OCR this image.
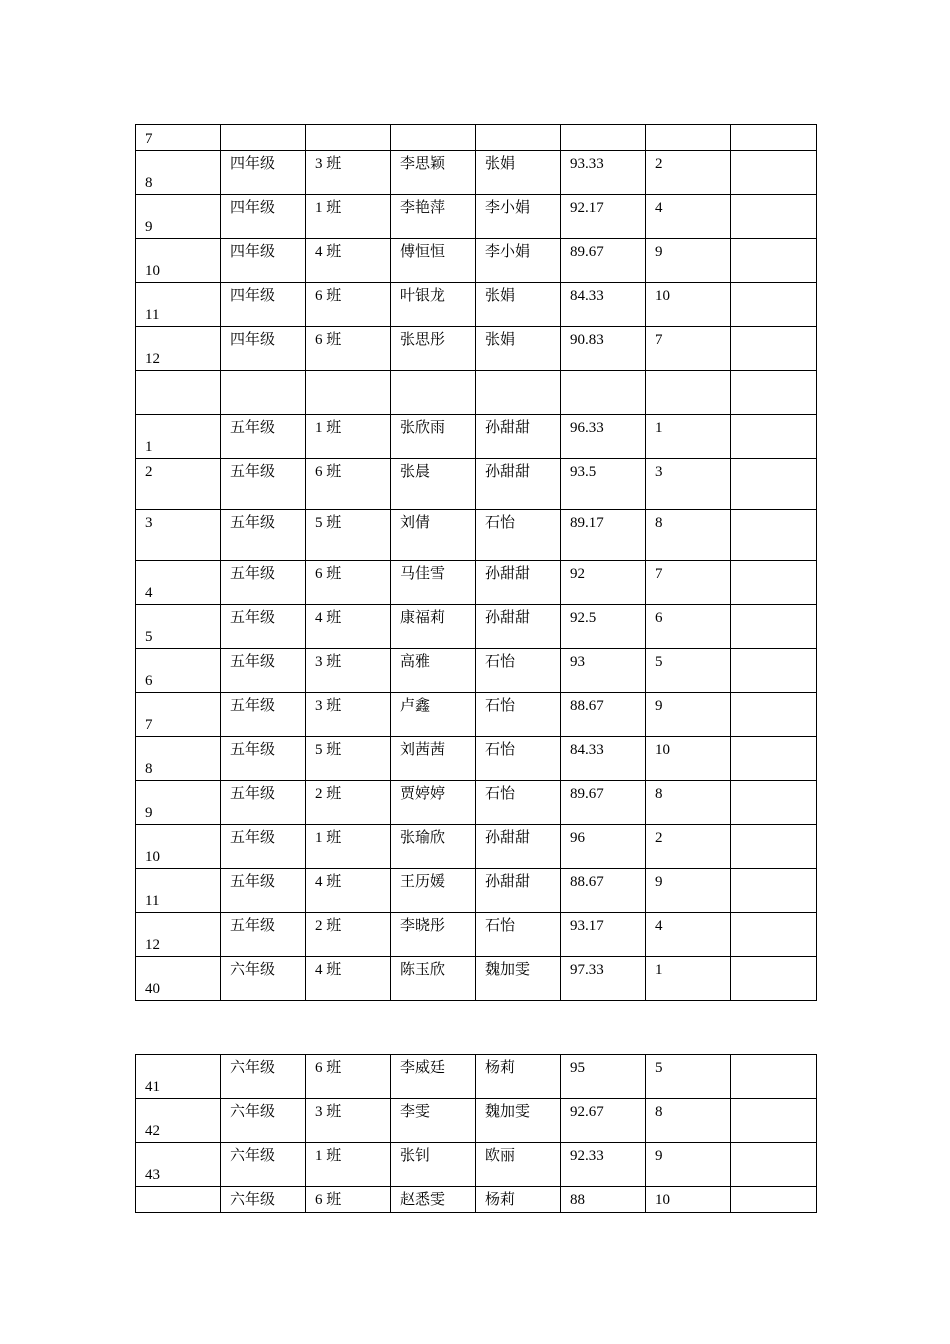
7							

8	四年级	3 班	李思颖	张娟	93.33	2	

9	四年级	1 班	李艳萍	李小娟	92.17	4	

10	四年级	4 班	傅恒恒	李小娟	89.67	9	

11	四年级	6 班	叶银龙	张娟	84.33	10	

12	四年级	6 班	张思彤	张娟	90.83	7	

1	五年级	1 班	张欣雨	孙甜甜	96.33	1	

2	五年级	6 班	张晨	孙甜甜	93.5	3	

3	五年级	5 班	刘倩	石怡	89.17	8	

4	五年级	6 班	马佳雪	孙甜甜	92	7	

5	五年级	4 班	康福莉	孙甜甜	92.5	6	

6	五年级	3 班	高雅	石怡	93	5	

7	五年级	3 班	卢鑫	石怡	88.67	9	

8	五年级	5 班	刘茜茜	石怡	84.33	10	

9	五年级	2 班	贾婷婷	石怡	89.67	8	

10	五年级	1 班	张瑜欣	孙甜甜	96	2	

11	五年级	4 班	王历媛	孙甜甜	88.67	9	

12	五年级	2 班	李晓彤	石怡	93.17	4	

40	六年级	4 班	陈玉欣	魏加雯	97.33	1	

41	六年级	6 班	李威廷	杨莉	95	5	

42	六年级	3 班	李雯	魏加雯	92.67	8	

43	六年级	1 班	张钊	欧丽	92.33	9	

	六年级	6 班	赵悉雯	杨莉	88	10	
